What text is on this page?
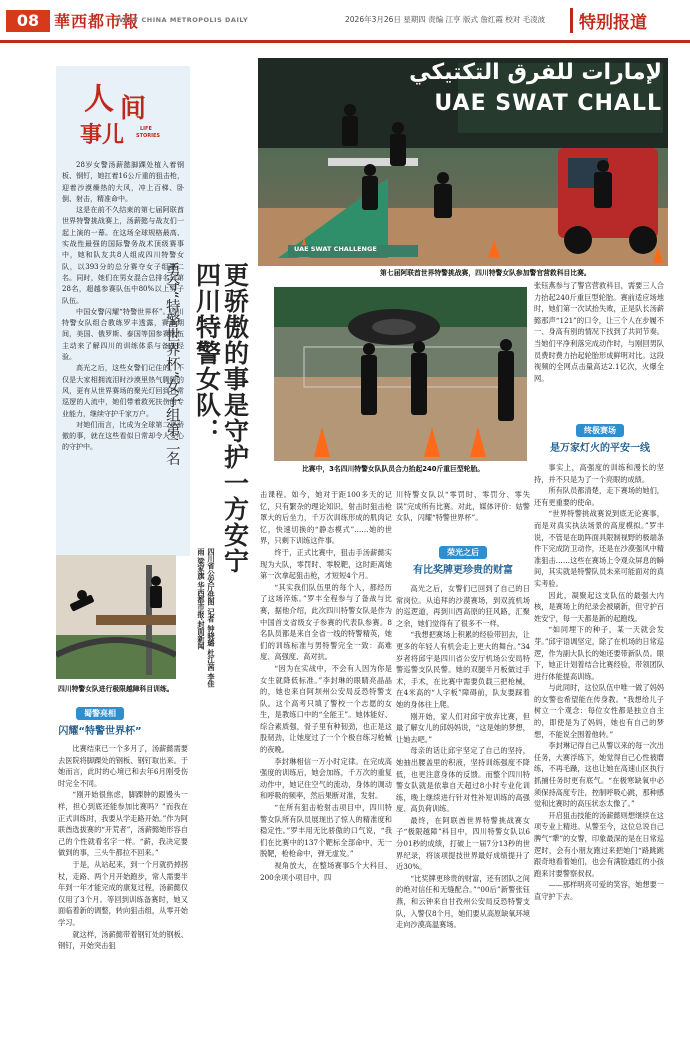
08 華西都市報
WEST CHINA METROPOLIS DAILY	2026年3月26日 星期四 责编 江亨 版式 詹红霞 校对 毛凌波	特别报道
لإمارات للفرق التكتيكي
UAE SWAT CHALL
UAE SWAT CHALLENGE
第七届阿联酋世界特警挑战赛，四川特警女队参加警官营救科目比赛。
比赛中，3名四川特警女队队员合力抬起240斤重巨型轮胎。
人 间
事儿	LIFE
STORIES

28岁女警汤薪懿脚踝处植入着钢板、钢钉，她扛着16公斤重的狙击枪，迎着沙漠燥热的大风，冲上百梯、卧倒、射击，精准命中。

这是在前不久结束的第七届阿联酋世界特警挑战赛上，汤薪懿与战友们一起上演的一幕。在这场全球规格最高、实战性最强的国际警务战术顶级赛事中，她和队友共8人组成四川特警女队，以393分的总分赛夺女子组第二名。同时，她们在男女混合总排名列第28名，超越参赛队伍中80%以上男子队伍。

中国女警闪耀“特警世界杯”。四川特警女队组合教练罗丰透露，赛事期间，美国、俄罗斯、泰国等国参赛队伍主动来了解四川的训练体系与备战经验。

高光之后，这些女警们记住的，不仅是大家相拥流泪时沙漠里热气腾腾的风，更有从世界赛场的聚光灯回到日常巡逻的人流中，她们带着救死扶伤的专业能力，继续守护千家万户。

对她们而言，比成为全球第二更骄傲的事，就在这些看似日常却令人安心的守护中。	更骄傲的事是守护一方安宁
四川特警女队：
勇夺“特警世界杯”女子组第二名
四川省公安厅供图 记者 钟晓璐 杜江茜 李佳雨 梁家旗 华西都市报·封面新闻
四川特警女队进行极限越障科目训练。
蜀警亮相
闪耀“特警世界杯”

比赛结束已一个多月了，汤薪懿需要去医院将脚踝处的钢板、钢钉取出来。于她而言，此时的心境已和去年6月刚受伤时完全不同。

“刚开始很焦虑，脚踝肿的跟馒头一样，担心到底还能参加比赛吗？”而我在正式训练时，我要从学走路开始。”作为阿联酋选拔赛的“开荒者”，汤薪懿她形容自己的个性就看名字一样。“薪，我决定要做到的事，三头牛都拉不回来。”

于是，从站起来，到一个月就扔掉拐杖，走路、两个月开始跑步，常人需要半年到一年才能完成的康复过程，汤薪懿仅仅用了3个月。等回到训练备赛时，她又面临着新的调整，转向狙击组，从零开始学习。

就这样，汤薪懿带着钢钉处的钢板、钢钉，开始突击狙

击课程。如今，她对于距100多天的记忆，只有繁杂的理论知识，射击时狙击枪罩大的后坐力，千万次训练形成的肌肉记忆，快速切换的“静态模式”……她的世界，只剩下训练这件事。

终于，正式比赛中，狙击手汤薪懿实现为大队，零罚时、零脱靶，这时距离她第一次拿起狙击枪，才短短4个月。

“其实我们队伍里的每个人，都经历了这场淬炼。”罗丰全程参与了备战与比赛，据他介绍，此次四川特警女队是作为中国首支省级女子参赛的代表队参赛。8名队员都是来自全省一线的特警精英，她们的训练标准与男特警完全一致：高难度、高强度、高对抗。

“因为在实战中，不会有人因为你是女生就降低标准。”李封琳的眼睛亮晶晶的，她也来自阿坝州公安局反恐特警支队。这个高考只填了警校一个志愿的女生，是教练口中的“全能王”。她体能好、综合素质强，骨子里有种韧劲，也正是这股韧劲，让她度过了一个个极自练习枪械的夜晚。

李封琳相信一万小时定律。在完成高强度的训练后，她会加练，千万次的重复动作中，她记住空气的流动，身体的调动和呼吸的频率，然后果断对准，发射。

“在所有狙击枪射击项目中，四川特警女队所有队员展现出了惊人的精准度和稳定性。”罗丰用无比骄傲的口气说，“我们在比赛中的137个靶标全部命中，无一脱靶，枪枪命中，弹无虚发。”

视角放大，在整场赛事5个大科目、200余项小项目中，四

川特警女队以“零罚时、零罚分、零失误”完成所有比赛。对此，媒体评价：姑警女队，闪耀“特警世界杯”。

荣光之后
有比奖牌更珍贵的财富

高光之后，女警们已回到了自己的日常岗位。从追拜的沙漠赛场，到双流机场的巡逻道，再到川西高原的狂风路，汇聚之余，她们觉得有了很多不一样。

“我想把赛场上积累的经验带回去，让更多的年轻人有机会走上更大的舞台。”34岁者将邱宇是四川省公安厅机场公安局特警巡警支队民警。她的双腿半月板做过手术，手术，在比赛中需要负载三把枪械，在4米高的“人字板”障碍前，队友要踩着她的身体往上爬。

刚开始，家人们对邱宇放弃比赛，但最了解女儿的邱妈妈说，“这是她的梦想，让她去吧。”

母亲的话让邱宇坚定了自己的坚持，她抽出腰盖里的积液，坚持训练强度不降低，也更注意身体的反馈。而整个四川特警女队就是依靠自天超过8小时专业化训练，晚上继续进行针对性补短训练的高强度、高负荷训练。

最终，在阿联酋世界特警挑战赛女子“极限越障”科目中，四川特警女队以6分01秒的成绩，打破上一届7分13秒的世界纪录，将该项提技世界最好成绩提升了近30%。

“比奖牌更珍贵的财富，还有团队之间的绝对信任和无缝配合。”“00后”新警张钰燕，和云钟来自甘孜州公安局反恐特警支队，入警仅8个月，她们要从高原缺氧环境走向沙漠高温赛场。

张钰燕参与了警官营救科目，需要三人合力抬起240斤重巨型轮胎。赛前适应场地时，她们第一次试抬失败，正是队长汤薪懿那声“121”的口令，让三个人在步履不一、身高有别的情况下找到了共同节奏。当她们平净利落完成动作时，与刚回男队员费时费力抬起轮胎形成鲜明对比。这段视频的全网点击量高达2.1亿次，火爆全网。

终极赛场
是万家灯火的平安一线

事实上，高强度的训练和漫长的坚持，并不只是为了一个亮眼的成绩。

所有队员都清楚，走下赛场的她们，还有更重要的使命。

“世界特警挑战赛说到底无论赛事，而是对真实执法场景的高度模拟。”罗丰说，不管是在助阵面具限制视野的极端条件下完成防卫动作，还是在沙漠强风中精准狙击……这些在赛场上令观众屏息的瞬间，其实就是特警队员未来可能面对的真实考验。

因此，凝聚起这支队伍的最强大内核，是赛场上的纪录会被刷新，但守护百姓安宁，每一天都是新的起跑线。

“如同埋下的种子，某一天就会发芽。”邱宇语调坚定，除了在机场的日常巡逻，作为副大队长的她还要带新队员。眼下，她正计划着结合比赛经验，带领团队进行体能提高训练。

与此同时，这位队伍中唯一做了妈妈的女警也希望能在传身教。“我想给儿子树立一个观念：每位女性都是独立自主的，即使是为了妈妈，她也有自己的梦想，不能说全围着他转。”

李封琳记得自己从警以来的每一次出任务，大赛浮练下，她觉得自己心性被磨练，不再毛躁，这也让她在高速山区执行抓捕任务时更有底气。“在极寒缺氧中必须保持高度专注，控制呼吸心跳，那种感觉和比赛时的高压状态太像了。”

开启狙击技能的汤薪懿则想继续在这项专业上精进。从警至今，这位总说自己脾气“犟”的女警，印象最深的是在日常巡逻时，会有小朋友跑过来把她门“路跳跳跟奇地看着她们，也会有满脸通红的小孩跑来讨要警察叔叔。

——那样明亮可爱的笑容，她想要一直守护下去。
